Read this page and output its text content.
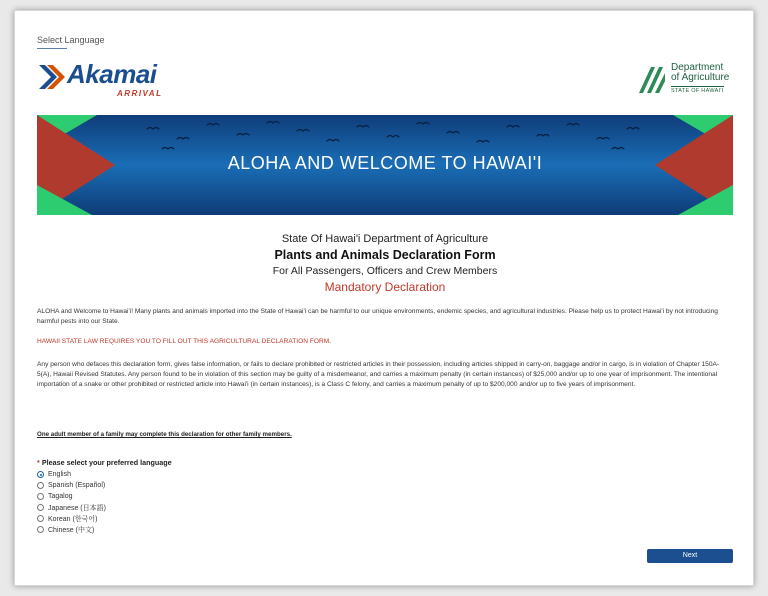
Select Language
Akamai
ARRIVAL
Department
of Agriculture
STATE OF HAWAI'I
ALOHA AND WELCOME TO HAWAI'I
State Of Hawai'i Department of Agriculture
Plants and Animals Declaration Form
For All Passengers, Officers and Crew Members
Mandatory Declaration
ALOHA and Welcome to Hawai'i! Many plants and animals imported into the State of Hawai'i can be harmful to our unique environments, endemic species, and agricultural industries. Please help us to protect Hawai'i by not introducing harmful pests into our State.
HAWAII STATE LAW REQUIRES YOU TO FILL OUT THIS AGRICULTURAL DECLARATION FORM.
Any person who defaces this declaration form, gives false information, or fails to declare prohibited or restricted articles in their possession, including articles shipped in carry-on, baggage and/or in cargo, is in violation of Chapter 150A-5(A), Hawaii Revised Statutes. Any person found to be in violation of this section may be guilty of a misdemeanor, and carries a maximum penalty (in certain instances) of $25,000 and/or up to one year of imprisonment. The intentional importation of a snake or other prohibited or restricted article into Hawai'i (in certain instances), is a Class C felony, and carries a maximum penalty of up to $200,000 and/or up to five years of imprisonment.
One adult member of a family may complete this declaration for other family members.
* Please select your preferred language
English
Spanish (Español)
Tagalog
Japanese (日本語)
Korean (한국어)
Chinese (中文)
Next
